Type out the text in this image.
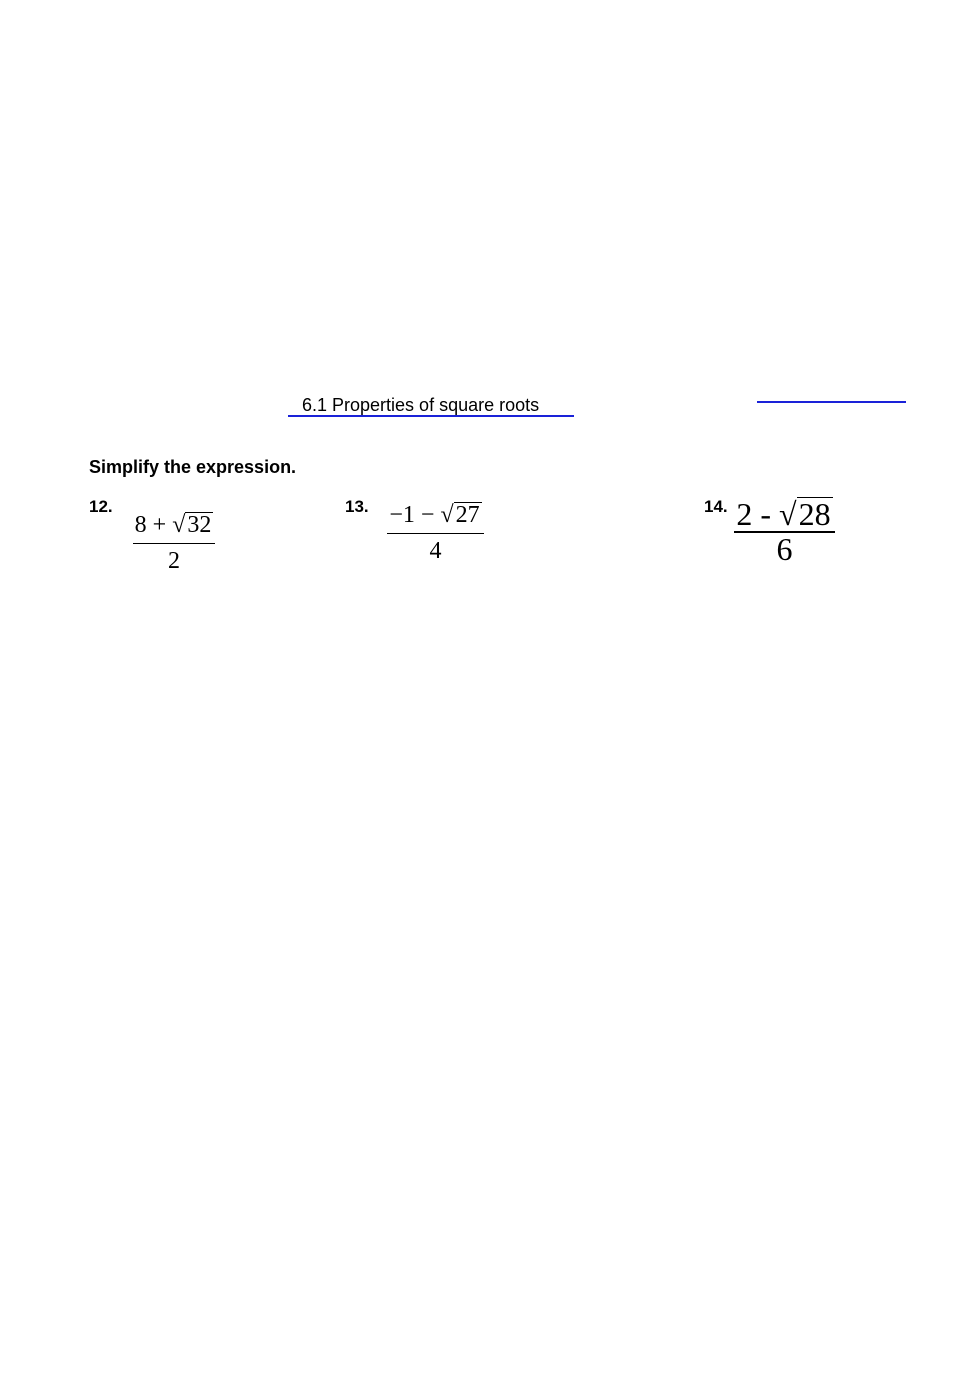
6.1 Properties of square roots
Simplify the expression.
12.
8 + √32
2
13. −1 − √27
4
14. 2 - √28
6
